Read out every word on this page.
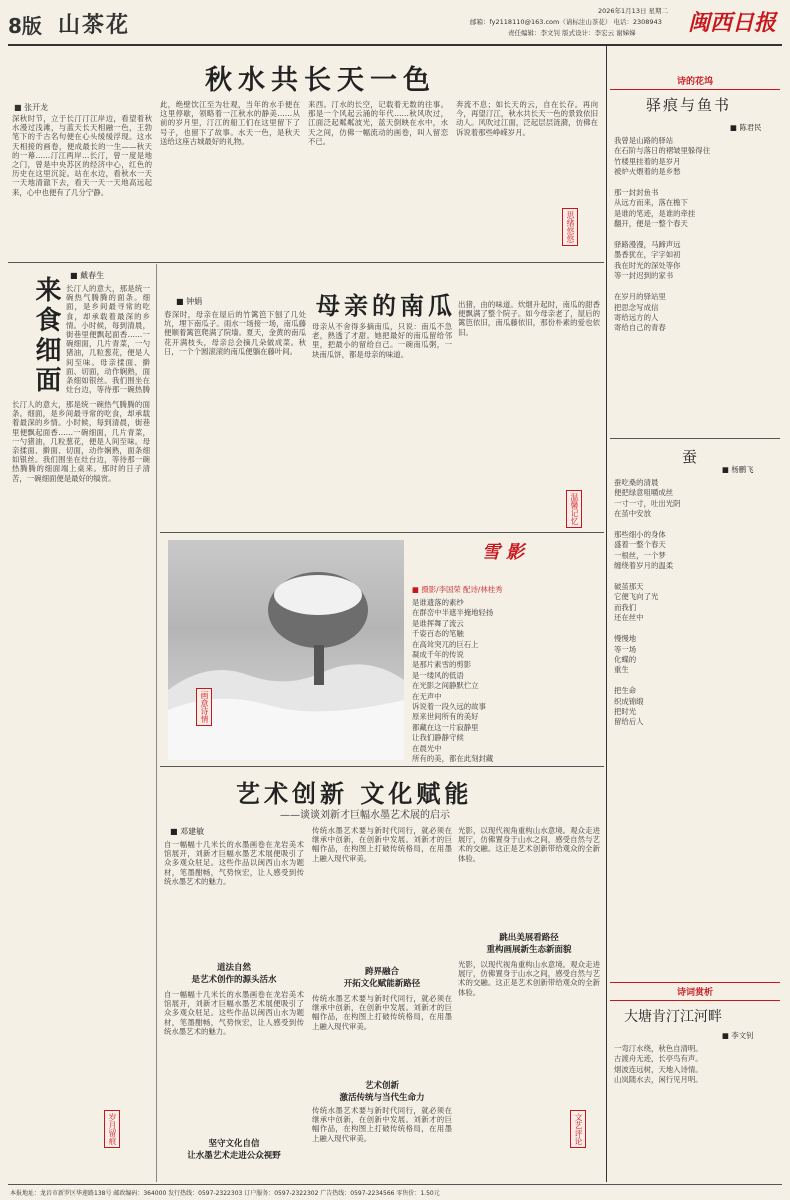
8版 山茶花
2026年1月13日 星期二
邮箱：fy2118110@163.com（请标注山茶花） 电话：2308943
责任编辑：李文钊 版式设计：李宏云 谢娣娣 闽西日报
秋水共长天一色
■ 张开龙
深秋时节，立于长汀汀江岸边，看望着秋水漫过浅滩，与蓝天长天相融一色，王勃笔下的千古名句便在心头缓缓浮现。这水天相接的画卷，便成最长的一生——秋天的一幕……汀江两岸…长汀，曾一度是地之门，曾是中央苏区的经济中心，红色的历史在这里沉淀。站在水边，看秋水一天一天地清澈下去，看天一天一天地高远起来，心中也便有了几分宁静。
此，绝壁饮江至为壮观，当年的水手便在这里停歇，领略着一江秋水的静美……从前的岁月里，汀江的船工们在这里留下了号子，也留下了故事。水天一色，是秋天送给这座古城最好的礼物。
来西。汀水的长空，记载着无数的往事。那是一个风起云涌的年代……秋风吹过，江面泛起粼粼波光，蓝天倒映在水中，水天之间，仿佛一幅流动的画卷，叫人留恋不已。
奔流不息；如长天的云，自在长存。再向今，再望汀江，秋水共长天一色的景致依旧动人。风吹过江面，泛起层层涟漪，仿佛在诉说着那些峥嵘岁月。
思绪悠悠
来食细面
■ 戴春生
长汀人的意大，那是统一碗热气腾腾的面条。细面，是乡间最寻常的吃食，却承载着最深的乡情。小时候，每到清晨，街巷里便飘起面香……一碗细面，几片青菜，一勺猪油，几粒葱花，便是人间至味。母亲揉面、擀面、切面，动作娴熟，面条细如银丝。我们围坐在灶台边，等待那一碗热腾
长汀人的意大，那是统一碗热气腾腾的面条。细面，是乡间最寻常的吃食，却承载着最深的乡情。小时候，每到清晨，街巷里便飘起面香……一碗细面，几片青菜，一勺猪油，几粒葱花，便是人间至味。母亲揉面、擀面、切面，动作娴熟，面条细如银丝。我们围坐在灶台边，等待那一碗热腾腾的细面端上桌来。那时的日子清苦，一碗细面便是最好的犒赏。
岁月留痕
母亲的南瓜
■ 钟娟
春深时，母亲在屋后的竹篱笆下刨了几处坑，埋下南瓜子。雨水一场接一场，南瓜藤便顺着篱笆爬满了院墙。夏天，金黄的南瓜花开满枝头，母亲总会摘几朵做成菜。秋日，一个个圆滚滚的南瓜便躺在藤叶间。
母亲从不舍得多摘南瓜，只说：南瓜不急老，熟透了才甜。她把最好的南瓜留给邻里，把最小的留给自己。一碗南瓜粥，一块南瓜饼，都是母亲的味道。
出猪，由的味道。炊烟升起时，南瓜的甜香便飘满了整个院子。如今母亲老了，屋后的篱笆依旧，南瓜藤依旧，那份朴素的爱也依旧。
温馨记忆
雪影
画意诗情
■ 摄影/李国荣 配诗/林桂秀
是谁遗落的素纱
在群峦中半遮半掩地轻扬
是谁挥舞了流云
千姿百态的笔触
在高耸突兀的巨石上
凝成千年的传说
是那片素雪的剪影
是一缕风的低语
在光影之间静默伫立
在无声中
诉说着一段久远的故事
原来世间所有的美好
都藏在这一片寂静里
让我们静静守候
在晨光中
所有的美，都在此刻封藏
艺术创新 文化赋能
——谈谈刘新才巨幅水墨艺术展的启示
■ 邓建敏
自一幅幅十几米长的水墨画卷在龙岩美术馆展开，刘新才巨幅水墨艺术展便吸引了众多观众驻足。这些作品以闽西山水为题材，笔墨酣畅，气势恢宏，让人感受到传统水墨艺术的魅力。
道法自然
是艺术创作的源头活水
自一幅幅十几米长的水墨画卷在龙岩美术馆展开，刘新才巨幅水墨艺术展便吸引了众多观众驻足。这些作品以闽西山水为题材，笔墨酣畅，气势恢宏，让人感受到传统水墨艺术的魅力。
坚守文化自信
让水墨艺术走进公众视野
传统水墨艺术要与新时代同行，就必须在继承中创新，在创新中发展。刘新才的巨幅作品，在构图上打破传统格局，在用墨上融入现代审美。
跨界融合
开拓文化赋能新路径
传统水墨艺术要与新时代同行，就必须在继承中创新，在创新中发展。刘新才的巨幅作品，在构图上打破传统格局，在用墨上融入现代审美。
艺术创新
激活传统与当代生命力
传统水墨艺术要与新时代同行，就必须在继承中创新，在创新中发展。刘新才的巨幅作品，在构图上打破传统格局，在用墨上融入现代审美。
光影，以现代视角重构山水意境。观众走进展厅，仿佛置身于山水之间，感受自然与艺术的交融。这正是艺术创新带给观众的全新体验。
跳出美展看路径
重构画展新生态新面貌
光影，以现代视角重构山水意境。观众走进展厅，仿佛置身于山水之间，感受自然与艺术的交融。这正是艺术创新带给观众的全新体验。
文艺评论
诗的花坞
驿痕与鱼书
■ 陈君民
我曾是山路的驿站
在石阶与落日的褶皱里躲得住
竹楼里挂着的是岁月
被炉火煨着的是乡愁

那一封封鱼书
从远方而来，落在檐下
是谁的笔迹，是谁的牵挂
翻开，便是一整个春天

驿路漫漫，马蹄声远
墨香犹在，字字如初
我在时光的深处等你
等一封迟到的家书

在岁月的驿站里
把思念写成信
寄给远方的人
寄给自己的青春
蚕
■ 杨鹏飞
蚕吃桑的清晨
便把绿意咀嚼成丝
一寸一寸，吐出光阴
在茧中安放

那些细小的身体
盛着一整个春天
一根丝，一个梦
缠绕着岁月的温柔

破茧那天
它便飞向了光
而我们
还在丝中

慢慢地
等一场
化蝶的
重生

把生命
织成锦缎
把时光
留给后人
诗词赏析
大塘肯汀江河畔
■ 李文钊
一弯汀水绕，秋色自清明。
古渡舟无迹，长亭鸟有声。
烟波连远树，天地入诗情。
山岚随水去，闲行见月明。
本报地址：龙岩市新罗区华莲路138号 邮政编码：364000 发行热线：0597-2322303 订户服务：0597-2322302 广告热线：0597-2234566 零售价：1.50元
